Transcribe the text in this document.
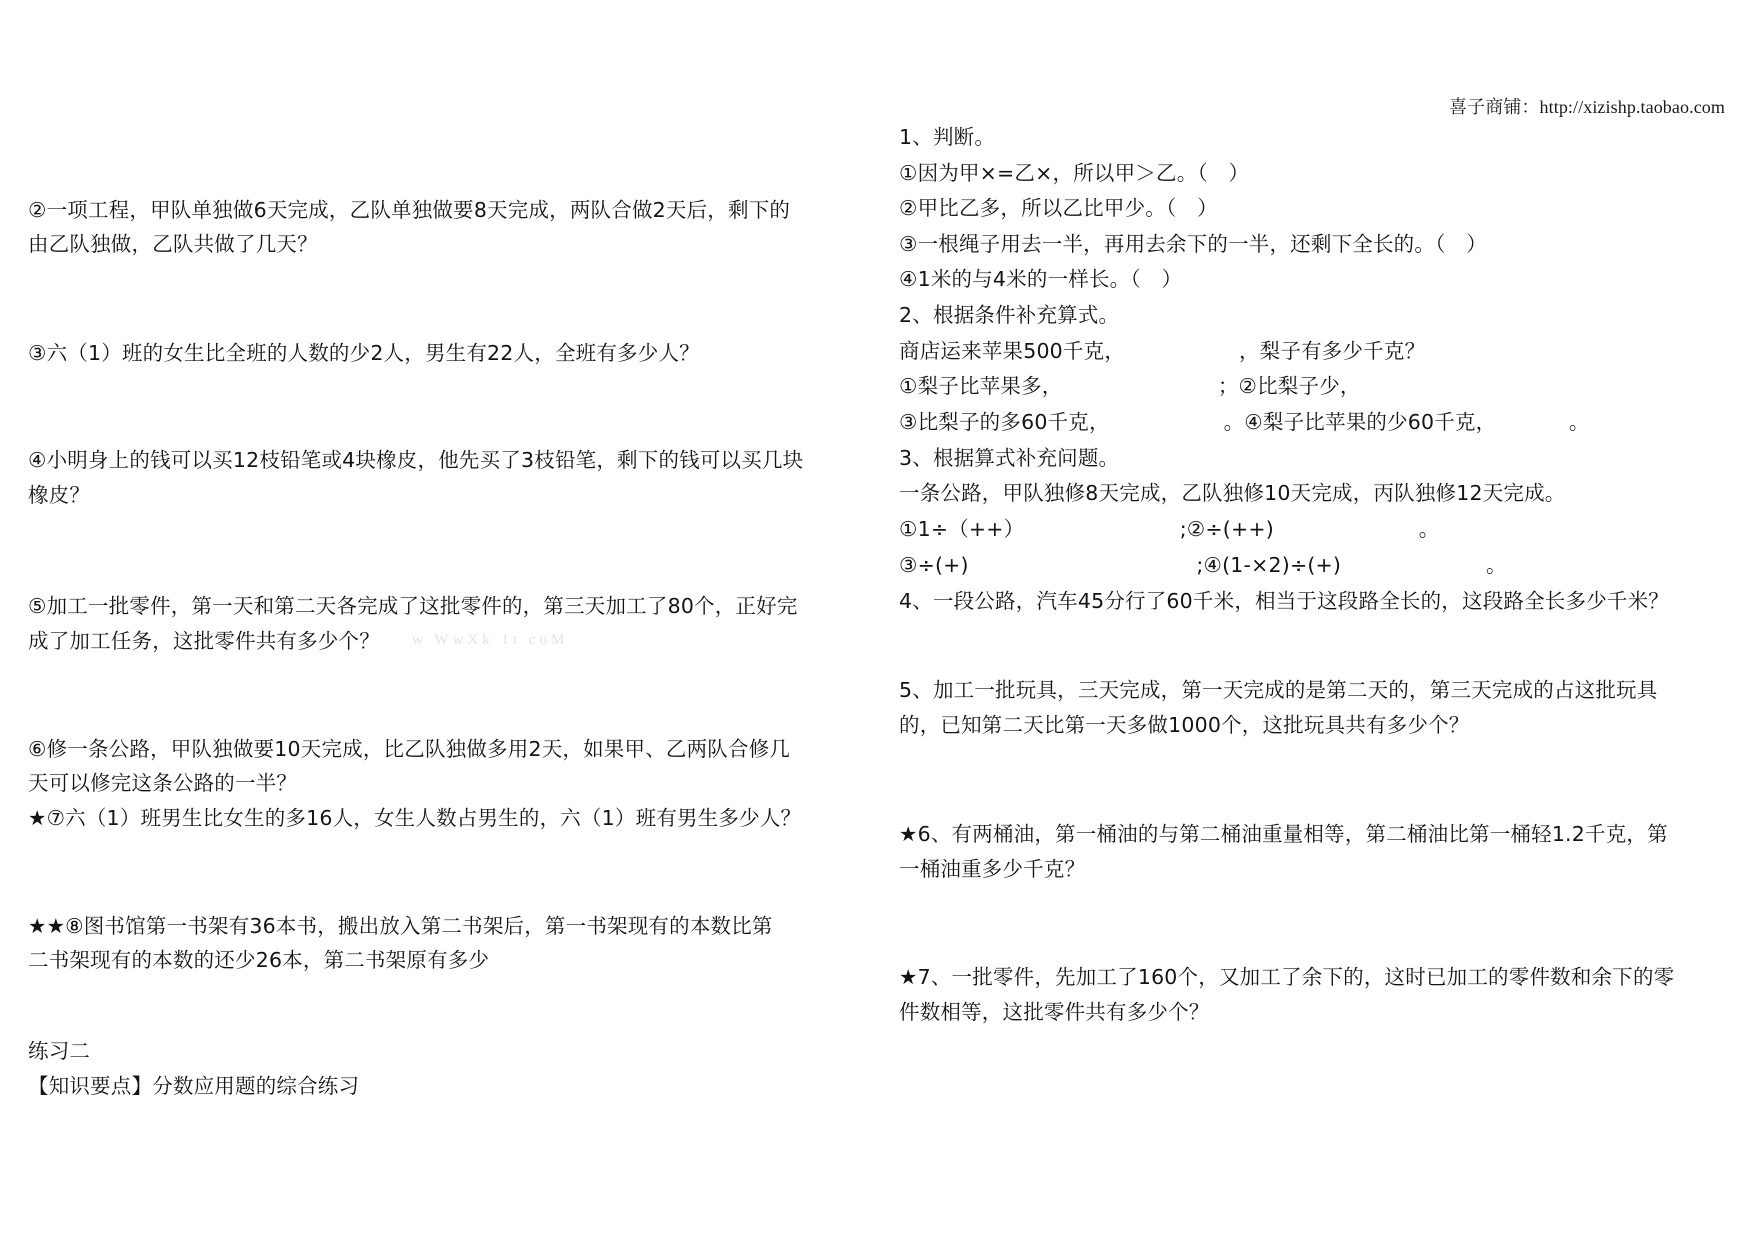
喜子商铺：http://xizishp.taobao.com
②一项工程，甲队单独做6天完成，乙队单独做要8天完成，两队合做2天后，剩下的
由乙队独做，乙队共做了几天？
③六（1）班的女生比全班的人数的少2人，男生有22人，全班有多少人？
④小明身上的钱可以买12枝铅笔或4块橡皮，他先买了3枝铅笔，剩下的钱可以买几块
橡皮？
⑤加工一批零件，第一天和第二天各完成了这批零件的，第三天加工了80个，正好完
成了加工任务，这批零件共有多少个？ w WwXk 1t coM
⑥修一条公路，甲队独做要10天完成，比乙队独做多用2天，如果甲、乙两队合修几
天可以修完这条公路的一半？
★⑦六（1）班男生比女生的多16人，女生人数占男生的，六（1）班有男生多少人？
★★⑧图书馆第一书架有36本书，搬出放入第二书架后，第一书架现有的本数比第
二书架现有的本数的还少26本，第二书架原有多少
练习二
【知识要点】分数应用题的综合练习
1、判断。
①因为甲×=乙×，所以甲＞乙。（　）
②甲比乙多，所以乙比甲少。（　）
③一根绳子用去一半，再用去余下的一半，还剩下全长的。（　）
④1米的与4米的一样长。（　）
2、根据条件补充算式。
商店运来苹果500千克，　　　　　　，梨子有多少千克？
①梨子比苹果多，　　　　　　　　；②比梨子少，
③比梨子的多60千克，　　　　　　。④梨子比苹果的少60千克，　　　　。
3、根据算式补充问题。
一条公路，甲队独修8天完成，乙队独修10天完成，丙队独修12天完成。
①1÷（++）　　　　　　　　;②÷(++)　　　　　　　。
③÷(+)　　　　　　　　　　　;④(1-×2)÷(+)　　　　　　　。
4、一段公路，汽车45分行了60千米，相当于这段路全长的，这段路全长多少千米？
5、加工一批玩具，三天完成，第一天完成的是第二天的，第三天完成的占这批玩具
的，已知第二天比第一天多做1000个，这批玩具共有多少个？
★6、有两桶油，第一桶油的与第二桶油重量相等，第二桶油比第一桶轻1.2千克，第
一桶油重多少千克？
★7、一批零件，先加工了160个，又加工了余下的，这时已加工的零件数和余下的零
件数相等，这批零件共有多少个？
